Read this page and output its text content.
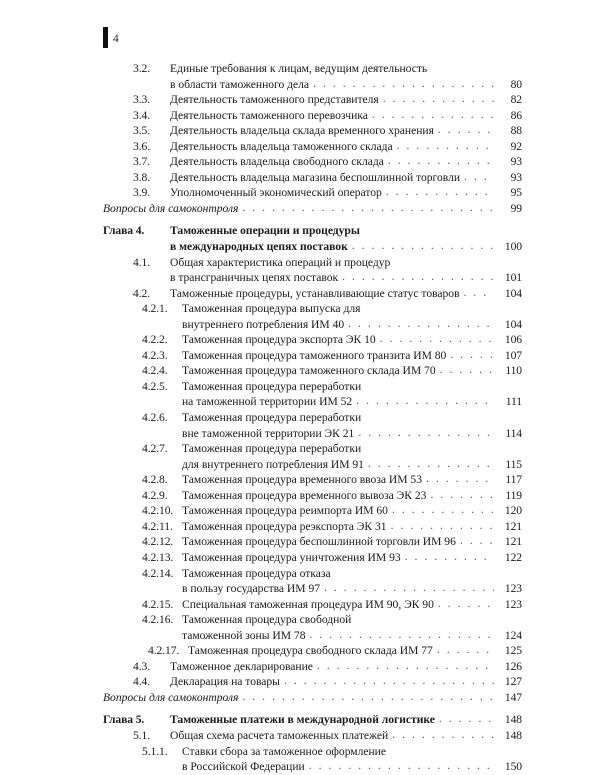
4
3.2.	Единые требования к лицам, ведущим деятельность
в области таможенного дела . . .	80
3.3.	Деятельность таможенного представителя . . .	82
3.4.	Деятельность таможенного перевозчика . . .	86
3.5.	Деятельность владельца склада временного хранения . . .	88
3.6.	Деятельность владельца таможенного склада . . .	92
3.7.	Деятельность владельца свободного склада . . .	93
3.8.	Деятельность владельца магазина беспошлинной торговли . . .	93
3.9.	Уполномоченный экономический оператор . . .	95
Вопросы для самоконтроля . . .	99
Глава 4.	Таможенные операции и процедуры
в международных цепях поставок . . .	100
4.1.	Общая характеристика операций и процедур
в трансграничных цепях поставок . . .	101
4.2.	Таможенные процедуры, устанавливающие статус товаров . . .	104
4.2.1.	Таможенная процедура выпуска для
внутреннего потребления ИМ 40 . . .	104
4.2.2.	Таможенная процедура экспорта ЭК 10 . . .	106
4.2.3.	Таможенная процедура таможенного транзита ИМ 80 . . .	107
4.2.4.	Таможенная процедура таможенного склада ИМ 70 . . .	110
4.2.5.	Таможенная процедура переработки
на таможенной территории ИМ 52 . . .	111
4.2.6.	Таможенная процедура переработки
вне таможенной территории ЭК 21 . . .	114
4.2.7.	Таможенная процедура переработки
для внутреннего потребления ИМ 91 . . .	115
4.2.8.	Таможенная процедура временного ввоза ИМ 53 . . .	117
4.2.9.	Таможенная процедура временного вывоза ЭК 23 . . .	119
4.2.10. Таможенная процедура реимпорта ИМ 60 . . .	120
4.2.11. Таможенная процедура реэкспорта ЭК 31 . . .	121
4.2.12. Таможенная процедура беспошлинной торговли ИМ 96 . . .	121
4.2.13. Таможенная процедура уничтожения ИМ 93 . . .	122
4.2.14. Таможенная процедура отказа
в пользу государства ИМ 97 . . .	123
4.2.15. Специальная таможенная процедура ИМ 90, ЭК 90 . . .	123
4.2.16. Таможенная процедура свободной
таможенной зоны ИМ 78 . . .	124
4.2.17. Таможенная процедура свободного склада ИМ 77 . . .	125
4.3.	Таможенное декларирование . . .	126
4.4.	Декларация на товары . . .	127
Вопросы для самоконтроля . . .	147
Глава 5.	Таможенные платежи в международной логистике . . .	148
5.1.	Общая схема расчета таможенных платежей . . .	148
5.1.1.	Ставки сбора за таможенное оформление
в Российской Федерации . . .	150
